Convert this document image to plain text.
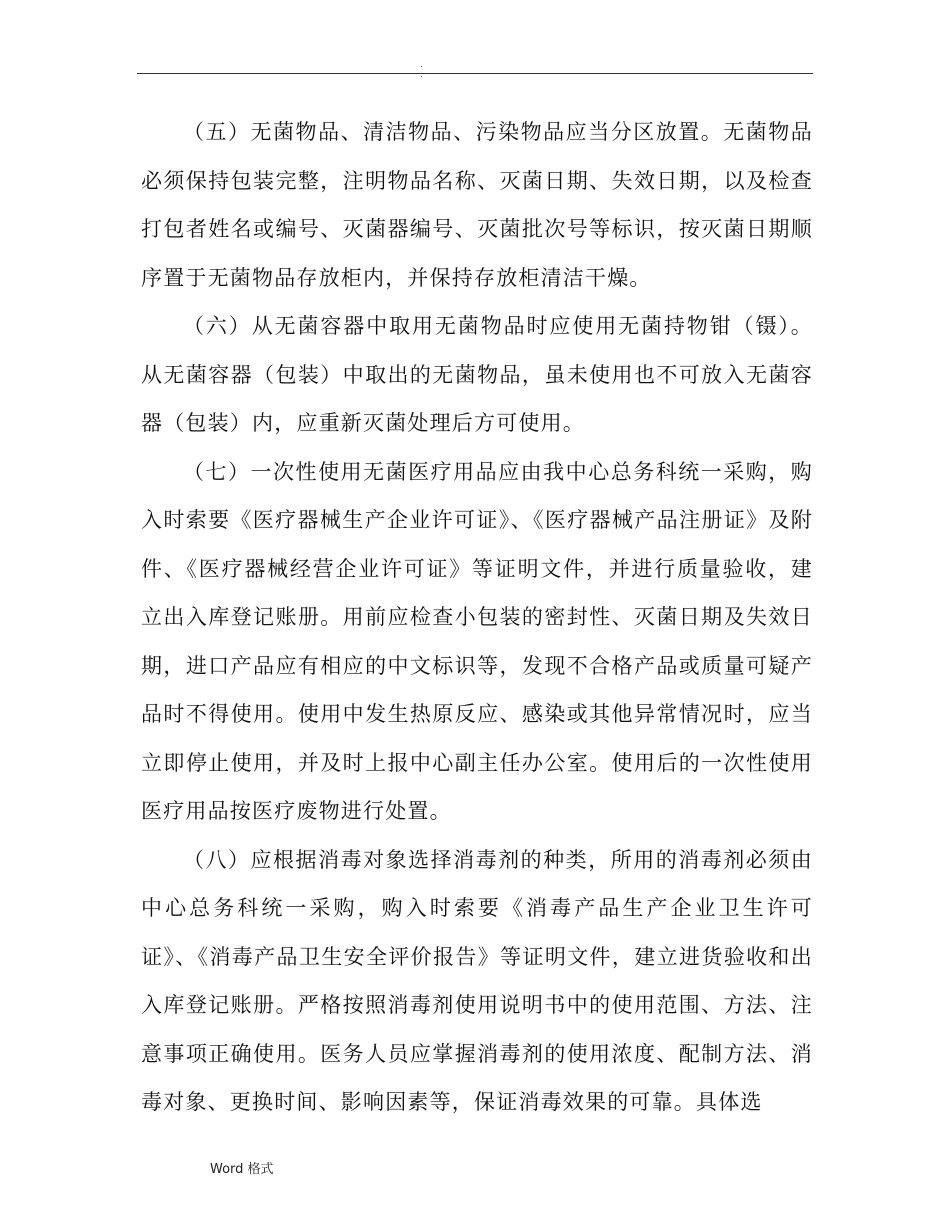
. .

（五）无菌物品、清洁物品、污染物品应当分区放置。无菌物品必须保持包装完整，注明物品名称、灭菌日期、失效日期，以及检查打包者姓名或编号、灭菌器编号、灭菌批次号等标识，按灭菌日期顺序置于无菌物品存放柜内，并保持存放柜清洁干燥。

（六）从无菌容器中取用无菌物品时应使用无菌持物钳（镊）。从无菌容器（包装）中取出的无菌物品，虽未使用也不可放入无菌容器（包装）内，应重新灭菌处理后方可使用。

（七）一次性使用无菌医疗用品应由我中心总务科统一采购，购入时索要《医疗器械生产企业许可证》、《医疗器械产品注册证》及附件、《医疗器械经营企业许可证》等证明文件，并进行质量验收，建立出入库登记账册。用前应检查小包装的密封性、灭菌日期及失效日期，进口产品应有相应的中文标识等，发现不合格产品或质量可疑产品时不得使用。使用中发生热原反应、感染或其他异常情况时，应当立即停止使用，并及时上报中心副主任办公室。使用后的一次性使用医疗用品按医疗废物进行处置。

（八）应根据消毒对象选择消毒剂的种类，所用的消毒剂必须由中心总务科统一采购，购入时索要《消毒产品生产企业卫生许可证》、《消毒产品卫生安全评价报告》等证明文件，建立进货验收和出入库登记账册。严格按照消毒剂使用说明书中的使用范围、方法、注意事项正确使用。医务人员应掌握消毒剂的使用浓度、配制方法、消毒对象、更换时间、影响因素等，保证消毒效果的可靠。具体选

Word 格式
